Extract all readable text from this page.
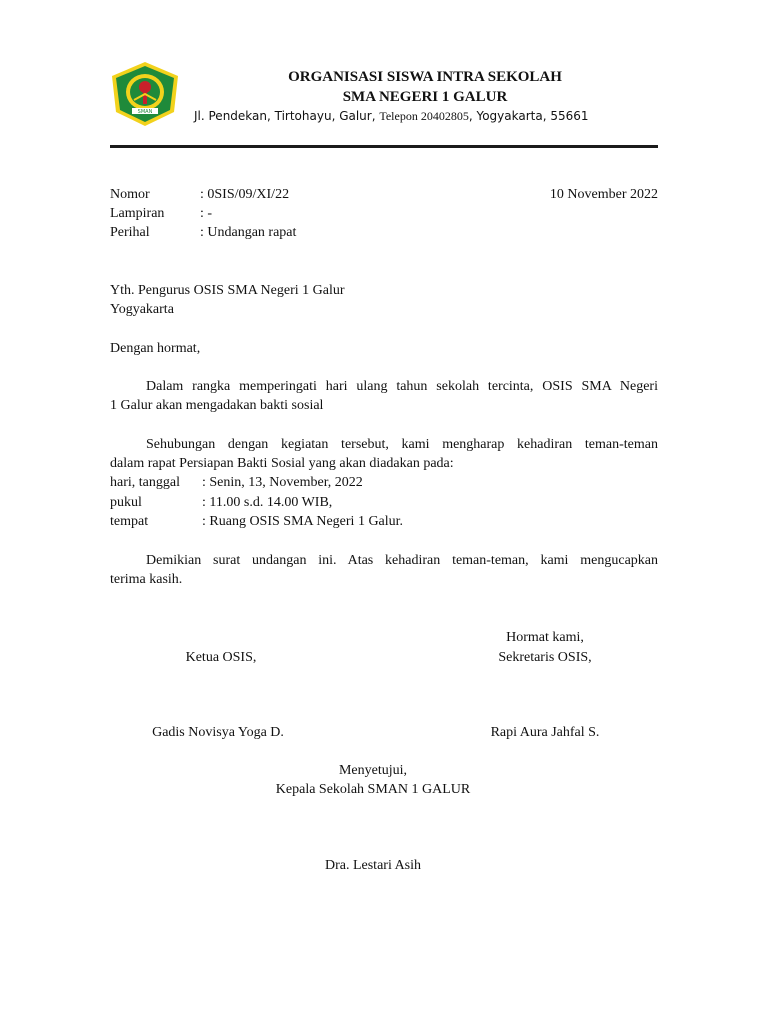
SMAN
ORGANISASI SISWA INTRA SEKOLAH
SMA NEGERI 1 GALUR
Jl. Pendekan, Tirtohayu, Galur, Telepon 20402805, Yogyakarta, 55661
Nomor	: 0SIS/09/XI/22	10 November 2022
Lampiran	: -
Perihal	: Undangan rapat
Yth. Pengurus OSIS SMA Negeri 1 Galur
Yogyakarta
Dengan hormat,
Dalam rangka memperingati hari ulang tahun sekolah tercinta, OSIS SMA Negeri
1 Galur akan mengadakan bakti sosial
Sehubungan dengan kegiatan tersebut, kami mengharap kehadiran teman-teman
dalam rapat Persiapan Bakti Sosial yang akan diadakan pada:
hari, tanggal : Senin, 13, November, 2022
pukul	: 11.00 s.d. 14.00 WIB,
tempat	: Ruang OSIS SMA Negeri 1 Galur.
Demikian surat undangan ini. Atas kehadiran teman-teman, kami mengucapkan
terima kasih.
Hormat kami,
Ketua OSIS,	Sekretaris OSIS,
Gadis Novisya Yoga D.	Rapi Aura Jahfal S.
Menyetujui,
Kepala Sekolah SMAN 1 GALUR
Dra. Lestari Asih
